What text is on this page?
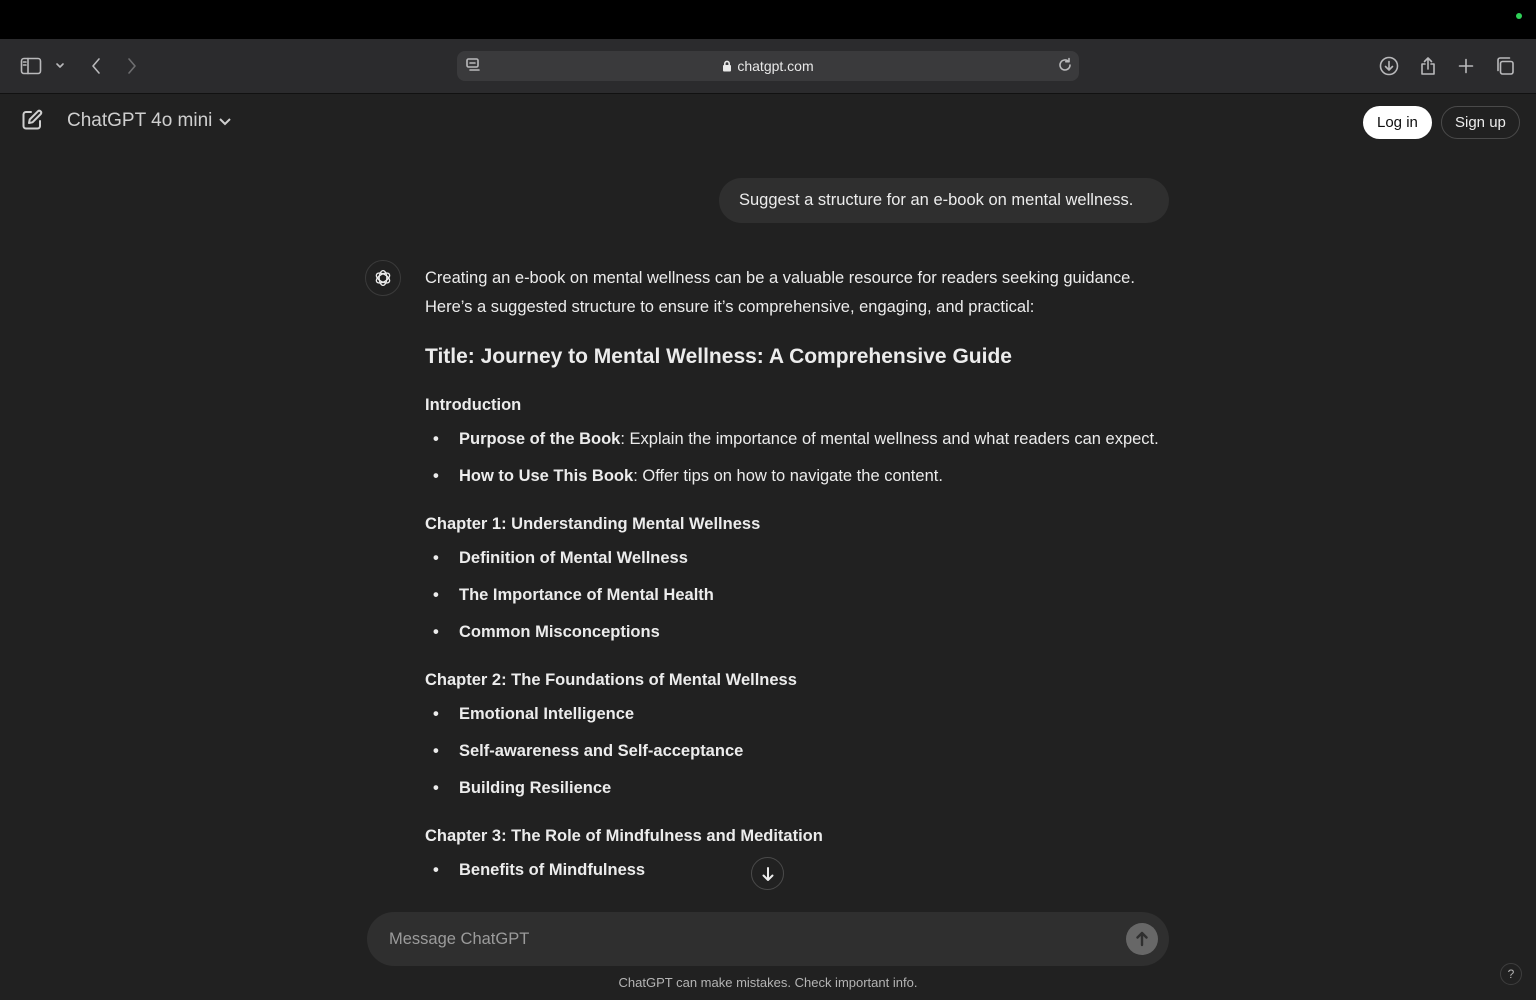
chatgpt.com
ChatGPT 4o mini	Log in	Sign up
Suggest a structure for an e-book on mental wellness.

Creating an e-book on mental wellness can be a valuable resource for readers seeking guidance. Here’s a suggested structure to ensure it’s comprehensive, engaging, and practical:

Title: Journey to Mental Wellness: A Comprehensive Guide
Introduction
• Purpose of the Book: Explain the importance of mental wellness and what readers can expect.
• How to Use This Book: Offer tips on how to navigate the content.
Chapter 1: Understanding Mental Wellness
• Definition of Mental Wellness
• The Importance of Mental Health
• Common Misconceptions
Chapter 2: The Foundations of Mental Wellness
• Emotional Intelligence
• Self-awareness and Self-acceptance
• Building Resilience
Chapter 3: The Role of Mindfulness and Meditation
• Benefits of Mindfulness
Message ChatGPT
ChatGPT can make mistakes. Check important info.
?
